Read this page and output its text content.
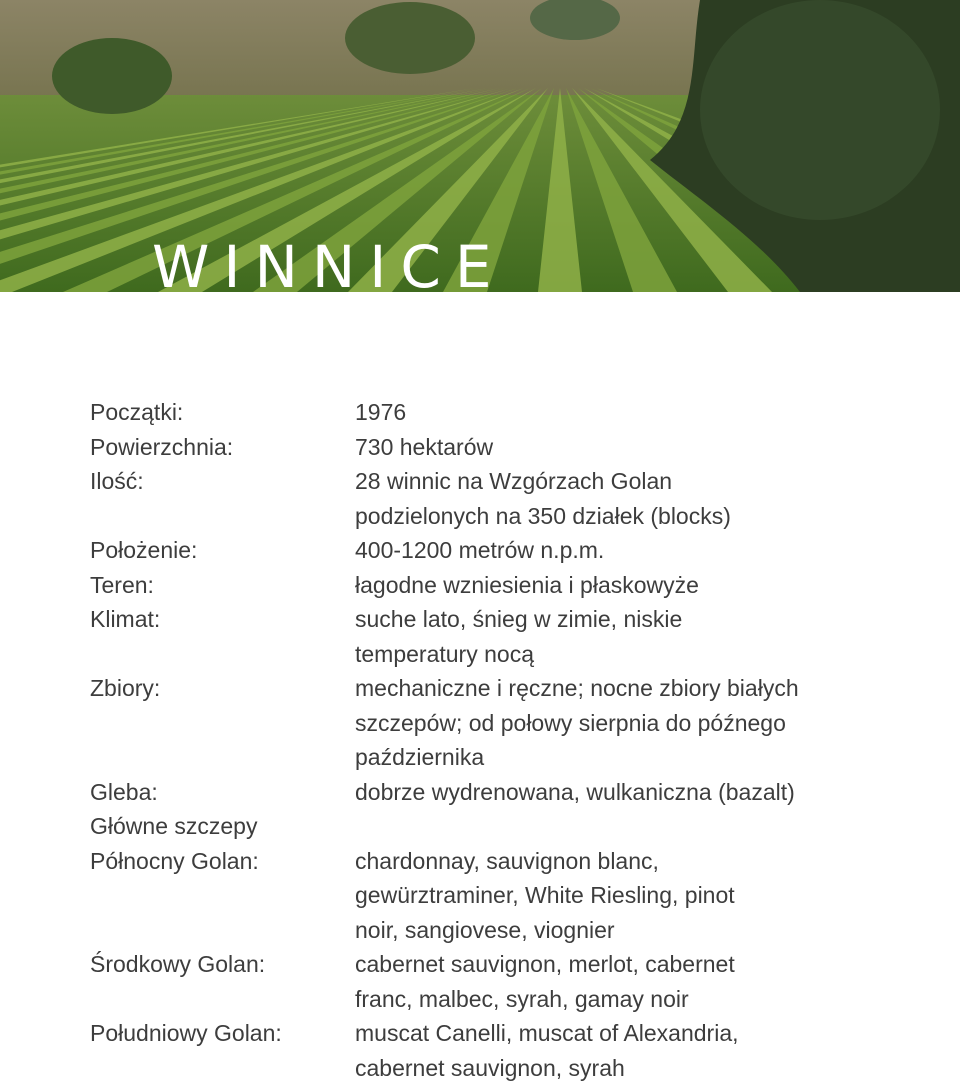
WINNICE
Początki:	1976
Powierzchnia:	730 hektarów
Ilość:	28 winnic na Wzgórzach Golan
podzielonych na 350 działek (blocks)
Położenie:	400-1200 metrów n.p.m.
Teren:	łagodne wzniesienia i płaskowyże
Klimat:	suche lato, śnieg w zimie, niskie
temperatury nocą
Zbiory:	mechaniczne i ręczne; nocne zbiory białych
szczepów; od połowy sierpnia do późnego
października
Gleba:	dobrze wydrenowana, wulkaniczna (bazalt)
Główne szczepy
Północny Golan:	chardonnay, sauvignon blanc,
gewürztraminer, White Riesling, pinot
noir, sangiovese, viognier
Środkowy Golan:	cabernet sauvignon, merlot, cabernet
franc, malbec, syrah, gamay noir
Południowy Golan:	muscat Canelli, muscat of Alexandria,
cabernet sauvignon, syrah
